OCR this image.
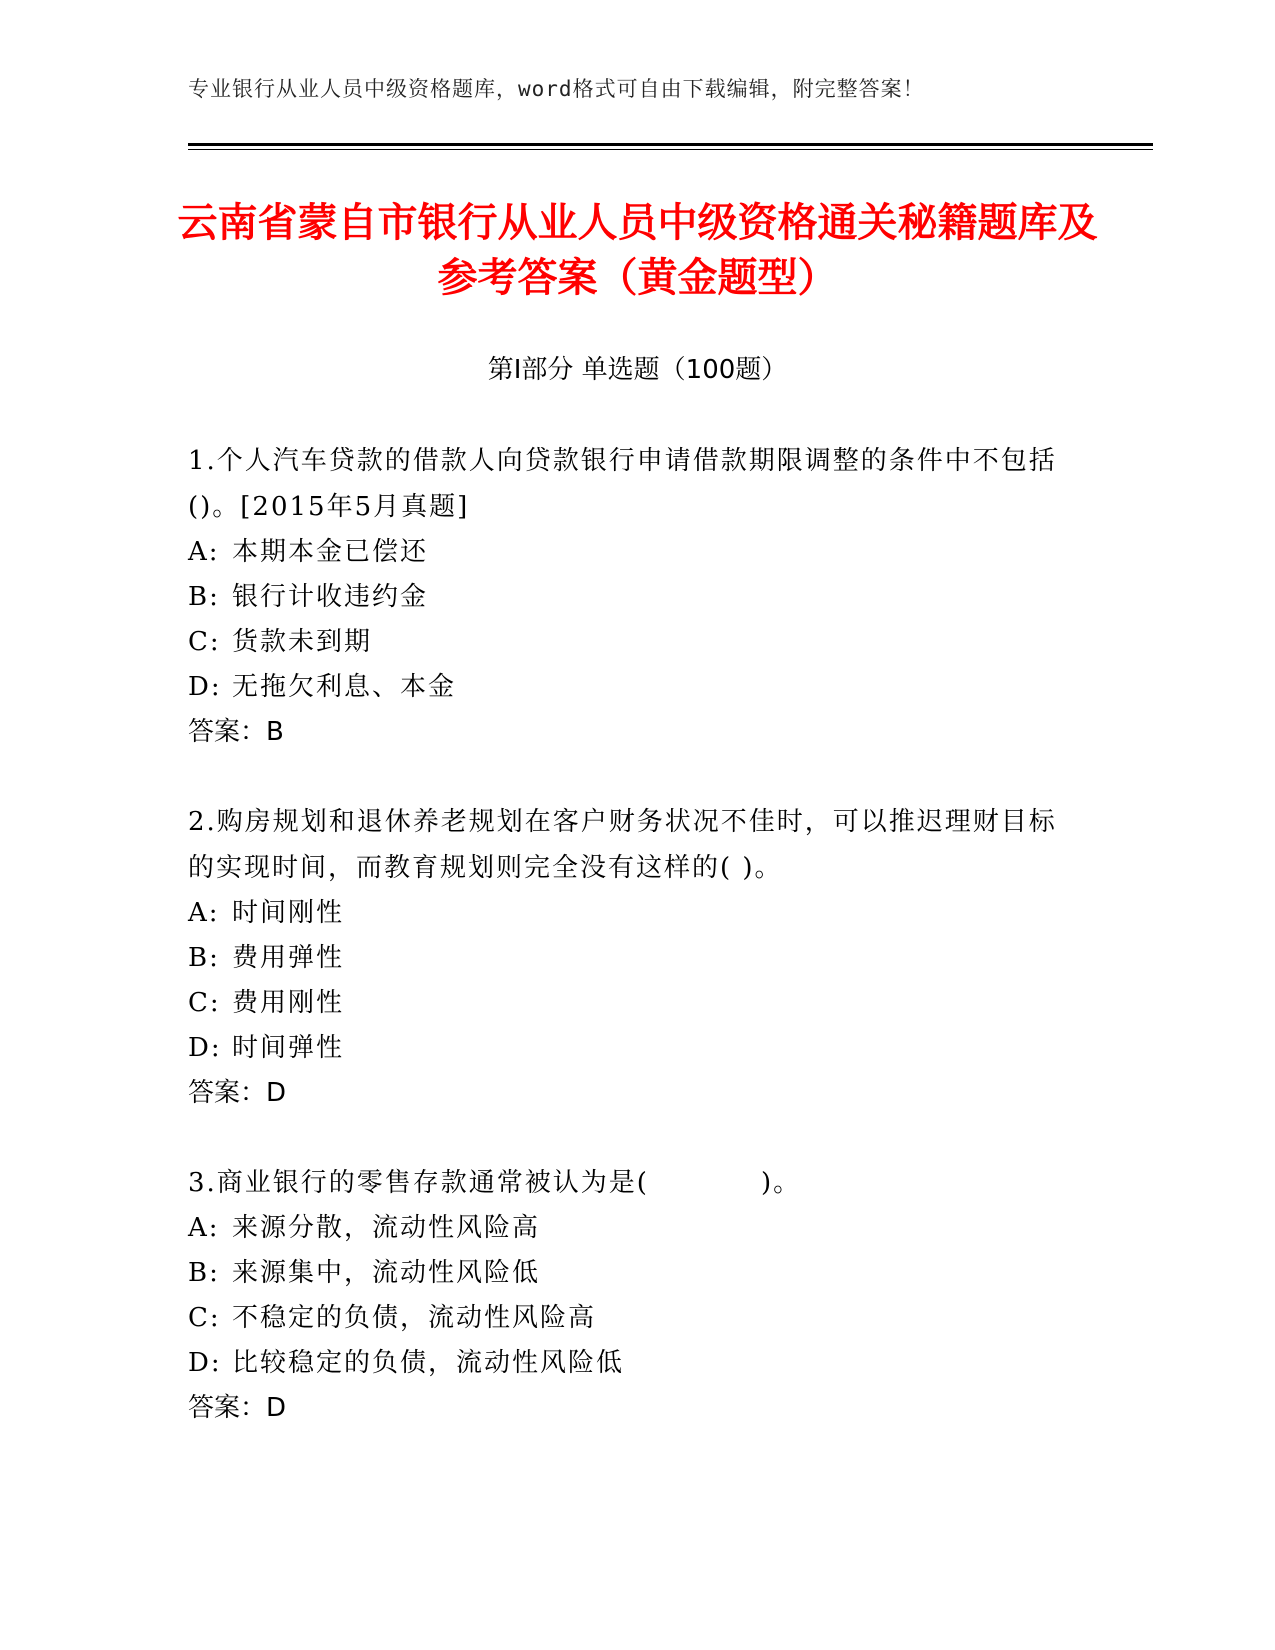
专业银行从业人员中级资格题库，word格式可自由下载编辑，附完整答案！
云南省蒙自市银行从业人员中级资格通关秘籍题库及参考答案（黄金题型）
第Ⅰ部分 单选题（100题）

1.个人汽车贷款的借款人向贷款银行申请借款期限调整的条件中不包括()。[2015年5月真题]

A: 本期本金已偿还

B: 银行计收违约金

C: 货款未到期

D: 无拖欠利息、本金

答案：B

2.购房规划和退休养老规划在客户财务状况不佳时，可以推迟理财目标的实现时间，而教育规划则完全没有这样的( )。

A: 时间刚性

B: 费用弹性

C: 费用刚性

D: 时间弹性

答案：D

3.商业银行的零售存款通常被认为是(　　　　)。

A: 来源分散，流动性风险高

B: 来源集中，流动性风险低

C: 不稳定的负债，流动性风险高

D: 比较稳定的负债，流动性风险低

答案：D
